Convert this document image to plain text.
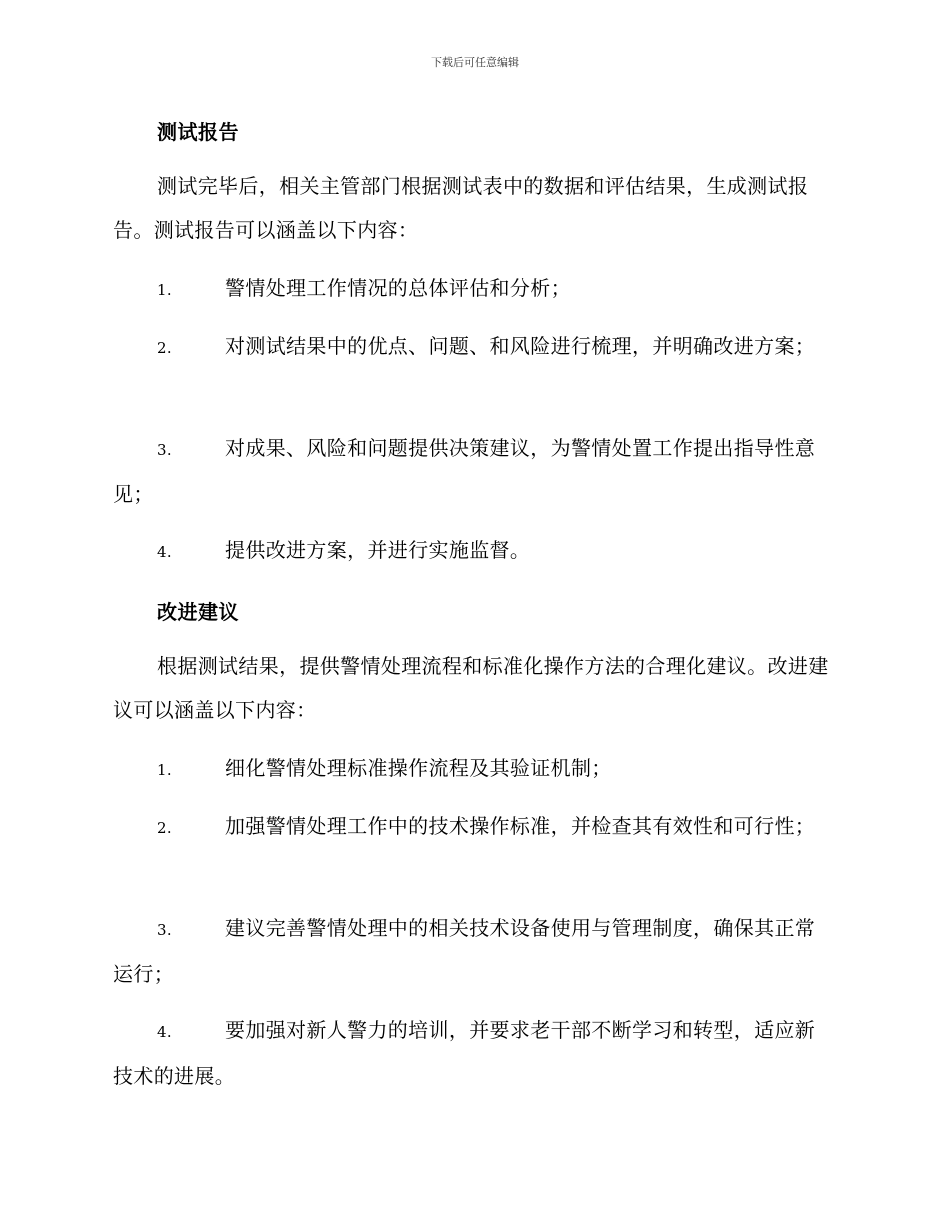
下载后可任意编辑
测试报告
测试完毕后，相关主管部门根据测试表中的数据和评估结果，生成测试报告。测试报告可以涵盖以下内容：
1.	警情处理工作情况的总体评估和分析；
2.	对测试结果中的优点、问题、和风险进行梳理，并明确改进方案；
3.	对成果、风险和问题提供决策建议，为警情处置工作提出指导性意见；
4.	提供改进方案，并进行实施监督。
改进建议
根据测试结果，提供警情处理流程和标准化操作方法的合理化建议。改进建议可以涵盖以下内容：
1.	细化警情处理标准操作流程及其验证机制；
2.	加强警情处理工作中的技术操作标准，并检查其有效性和可行性；
3.	建议完善警情处理中的相关技术设备使用与管理制度，确保其正常运行；
4.	要加强对新人警力的培训，并要求老干部不断学习和转型，适应新技术的进展。
